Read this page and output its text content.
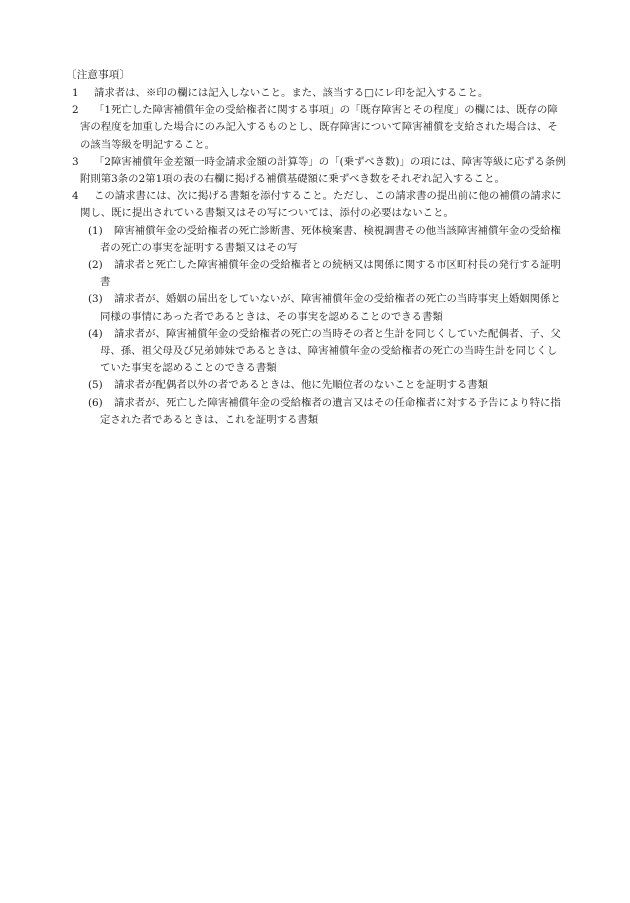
〔注意事項〕
1	請求者は、※印の欄には記入しないこと。また、該当する□にレ印を記入すること。
2	「1死亡した障害補償年金の受給権者に関する事項」の「既存障害とその程度」の欄には、既存の障害の程度を加重した場合にのみ記入するものとし、既存障害について障害補償を支給された場合は、その該当等級を明記すること。
3	「2障害補償年金差額一時金請求金額の計算等」の「(乗ずべき数)」の項には、障害等級に応ずる条例附則第3条の2第1項の表の右欄に掲げる補償基礎額に乗ずべき数をそれぞれ記入すること。
4	この請求書には、次に掲げる書類を添付すること。ただし、この請求書の提出前に他の補償の請求に関し、既に提出されている書類又はその写については、添付の必要はないこと。
(1)	障害補償年金の受給権者の死亡診断書、死体検案書、検視調書その他当該障害補償年金の受給権者の死亡の事実を証明する書類又はその写
(2)	請求者と死亡した障害補償年金の受給権者との続柄又は関係に関する市区町村長の発行する証明書
(3)	請求者が、婚姻の届出をしていないが、障害補償年金の受給権者の死亡の当時事実上婚姻関係と同様の事情にあった者であるときは、その事実を認めることのできる書類
(4)	請求者が、障害補償年金の受給権者の死亡の当時その者と生計を同じくしていた配偶者、子、父母、孫、祖父母及び兄弟姉妹であるときは、障害補償年金の受給権者の死亡の当時生計を同じくしていた事実を認めることのできる書類
(5)	請求者が配偶者以外の者であるときは、他に先順位者のないことを証明する書類
(6)	請求者が、死亡した障害補償年金の受給権者の遺言又はその任命権者に対する予告により特に指定された者であるときは、これを証明する書類
